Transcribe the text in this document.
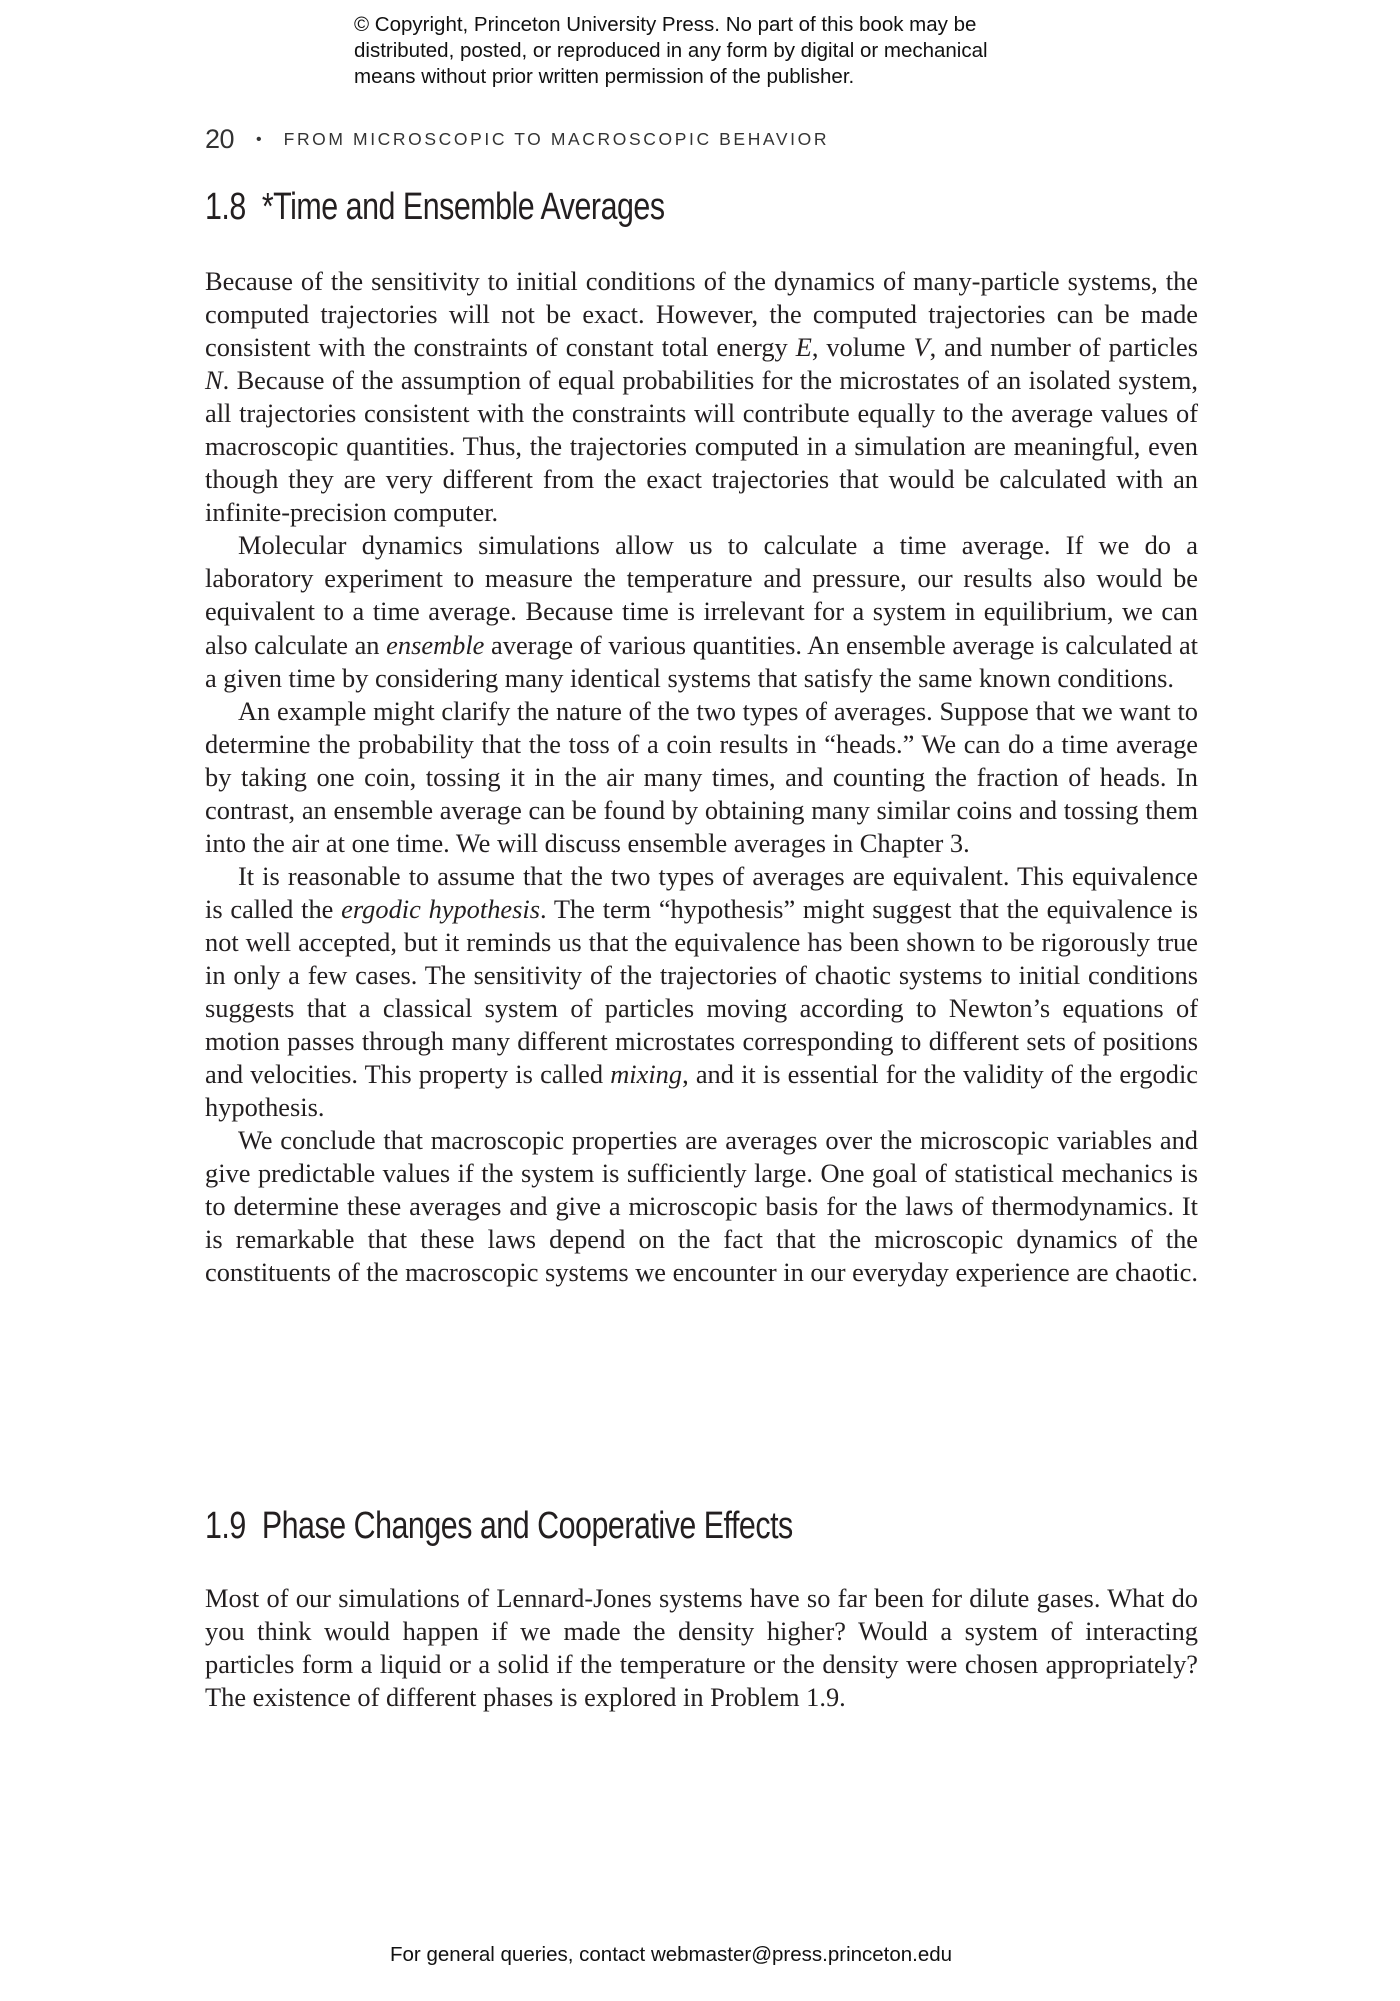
© Copyright, Princeton University Press. No part of this book may be
distributed, posted, or reproduced in any form by digital or mechanical
means without prior written permission of the publisher.
20 • FROM MICROSCOPIC TO MACROSCOPIC BEHAVIOR
1.8 *Time and Ensemble Averages

Because of the sensitivity to initial conditions of the dynamics of many-particle systems, the computed trajectories will not be exact. However, the computed trajectories can be made consistent with the constraints of constant total energy E, volume V, and number of particles N. Because of the assumption of equal probabilities for the microstates of an isolated system, all trajectories consistent with the constraints will contribute equally to the average values of macroscopic quantities. Thus, the trajectories computed in a simulation are meaningful, even though they are very different from the exact trajectories that would be calculated with an infinite-precision computer.

Molecular dynamics simulations allow us to calculate a time average. If we do a laboratory experiment to measure the temperature and pressure, our results also would be equivalent to a time average. Because time is irrelevant for a system in equilibrium, we can also calculate an ensemble average of various quantities. An ensemble average is calculated at a given time by considering many identical systems that satisfy the same known conditions.

An example might clarify the nature of the two types of averages. Suppose that we want to determine the probability that the toss of a coin results in “heads.” We can do a time average by taking one coin, tossing it in the air many times, and counting the fraction of heads. In contrast, an ensemble average can be found by obtaining many similar coins and tossing them into the air at one time. We will discuss ensemble averages in Chapter 3.

It is reasonable to assume that the two types of averages are equivalent. This equivalence is called the ergodic hypothesis. The term “hypothesis” might suggest that the equivalence is not well accepted, but it reminds us that the equivalence has been shown to be rigorously true in only a few cases. The sensitivity of the trajectories of chaotic systems to initial conditions suggests that a classical system of particles moving according to Newton’s equations of motion passes through many different microstates corresponding to different sets of positions and velocities. This property is called mixing, and it is essential for the validity of the ergodic hypothesis.

We conclude that macroscopic properties are averages over the microscopic variables and give predictable values if the system is sufficiently large. One goal of statistical mechanics is to determine these averages and give a microscopic basis for the laws of thermodynamics. It is remarkable that these laws depend on the fact that the microscopic dynamics of the constituents of the macroscopic systems we encounter in our everyday experience are chaotic.

1.9 Phase Changes and Cooperative Effects

Most of our simulations of Lennard-Jones systems have so far been for dilute gases. What do you think would happen if we made the density higher? Would a system of interacting particles form a liquid or a solid if the temperature or the density were chosen appropriately? The existence of different phases is explored in Problem 1.9.

For general queries, contact webmaster@press.princeton.edu
